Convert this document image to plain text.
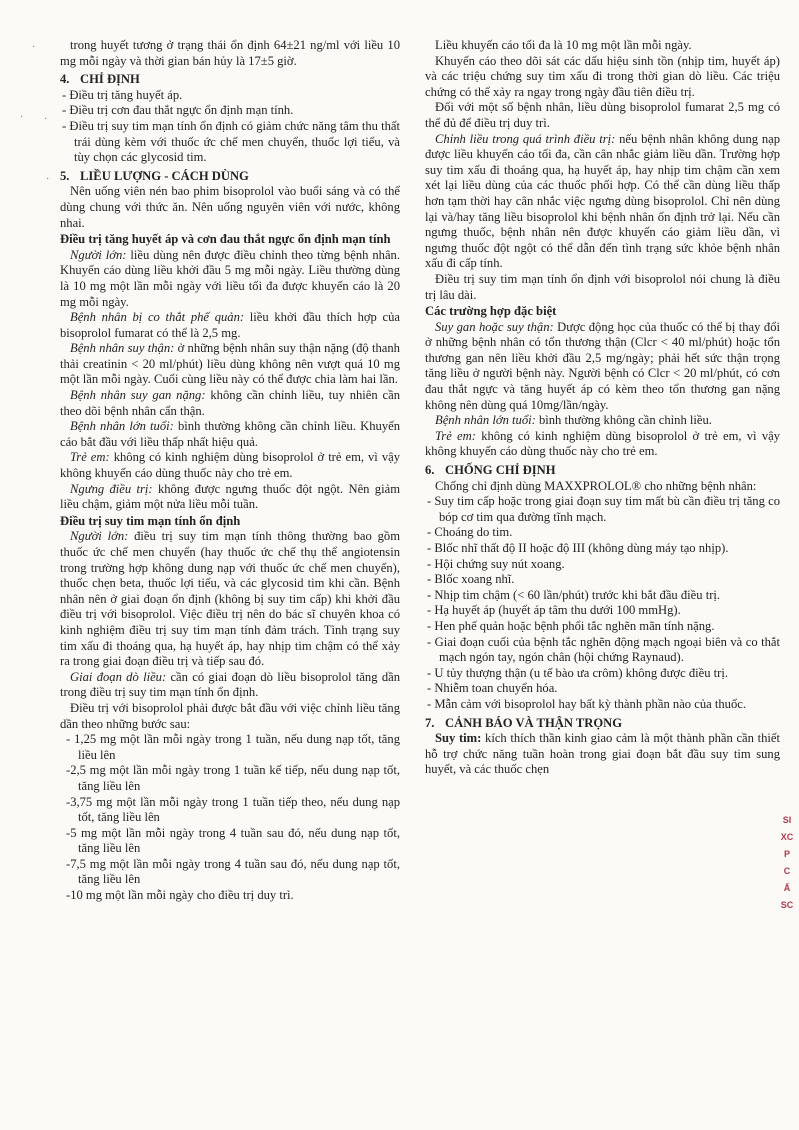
trong huyết tương ở trạng thái ổn định 64±21 ng/ml với liều 10 mg mỗi ngày và thời gian bán hủy là 17±5 giờ.

4. CHỈ ĐỊNH

- Điều trị tăng huyết áp.

- Điều trị cơn đau thắt ngực ổn định mạn tính.

- Điều trị suy tim mạn tính ổn định có giảm chức năng tâm thu thất trái dùng kèm với thuốc ức chế men chuyển, thuốc lợi tiểu, và tùy chọn các glycosid tim.

5. LIỀU LƯỢNG - CÁCH DÙNG

Nên uống viên nén bao phim bisoprolol vào buổi sáng và có thể dùng chung với thức ăn. Nên uống nguyên viên với nước, không nhai.

Điều trị tăng huyết áp và cơn đau thắt ngực ổn định mạn tính

Người lớn: liều dùng nên được điều chỉnh theo từng bệnh nhân. Khuyến cáo dùng liều khởi đầu 5 mg mỗi ngày. Liều thường dùng là 10 mg một lần mỗi ngày với liều tối đa được khuyến cáo là 20 mg mỗi ngày.

Bệnh nhân bị co thắt phế quản: liều khởi đầu thích hợp của bisoprolol fumarat có thể là 2,5 mg.

Bệnh nhân suy thận: ở những bệnh nhân suy thận nặng (độ thanh thải creatinin < 20 ml/phút) liều dùng không nên vượt quá 10 mg một lần mỗi ngày. Cuối cùng liều này có thể được chia làm hai lần.

Bệnh nhân suy gan nặng: không cần chỉnh liều, tuy nhiên cần theo dõi bệnh nhân cẩn thận.

Bệnh nhân lớn tuổi: bình thường không cần chỉnh liều. Khuyến cáo bắt đầu với liều thấp nhất hiệu quả.

Trẻ em: không có kinh nghiệm dùng bisoprolol ở trẻ em, vì vậy không khuyến cáo dùng thuốc này cho trẻ em.

Ngưng điều trị: không được ngưng thuốc đột ngột. Nên giảm liều chậm, giảm một nửa liều mỗi tuần.

Điều trị suy tim mạn tính ổn định

Người lớn: điều trị suy tim mạn tính thông thường bao gồm thuốc ức chế men chuyển (hay thuốc ức chế thụ thể angiotensin trong trường hợp không dung nạp với thuốc ức chế men chuyển), thuốc chẹn beta, thuốc lợi tiểu, và các glycosid tim khi cần. Bệnh nhân nên ở giai đoạn ổn định (không bị suy tim cấp) khi khởi đầu điều trị với bisoprolol. Việc điều trị nên do bác sĩ chuyên khoa có kinh nghiệm điều trị suy tim mạn tính đảm trách. Tình trạng suy tim xấu đi thoáng qua, hạ huyết áp, hay nhịp tim chậm có thể xảy ra trong giai đoạn điều trị và tiếp sau đó.

Giai đoạn dò liều: cần có giai đoạn dò liều bisoprolol tăng dần trong điều trị suy tim mạn tính ổn định.

Điều trị với bisoprolol phải được bắt đầu với việc chỉnh liều tăng dần theo những bước sau:

- 1,25 mg một lần mỗi ngày trong 1 tuần, nếu dung nạp tốt, tăng liều lên

-2,5 mg một lần mỗi ngày trong 1 tuần kế tiếp, nếu dung nạp tốt, tăng liều lên

-3,75 mg một lần mỗi ngày trong 1 tuần tiếp theo, nếu dung nạp tốt, tăng liều lên

-5 mg một lần mỗi ngày trong 4 tuần sau đó, nếu dung nạp tốt, tăng liều lên

-7,5 mg một lần mỗi ngày trong 4 tuần sau đó, nếu dung nạp tốt, tăng liều lên

-10 mg một lần mỗi ngày cho điều trị duy trì.

Liều khuyến cáo tối đa là 10 mg một lần mỗi ngày.

Khuyến cáo theo dõi sát các dấu hiệu sinh tồn (nhịp tim, huyết áp) và các triệu chứng suy tim xấu đi trong thời gian dò liều. Các triệu chứng có thể xảy ra ngay trong ngày đầu tiên điều trị.

Đối với một số bệnh nhân, liều dùng bisoprolol fumarat 2,5 mg có thể đủ để điều trị duy trì.

Chỉnh liều trong quá trình điều trị: nếu bệnh nhân không dung nạp được liều khuyến cáo tối đa, cần cân nhắc giảm liều dần. Trường hợp suy tim xấu đi thoáng qua, hạ huyết áp, hay nhịp tim chậm cần xem xét lại liều dùng của các thuốc phối hợp. Có thể cần dùng liều thấp hơn tạm thời hay cân nhắc việc ngưng dùng bisoprolol. Chỉ nên dùng lại và/hay tăng liều bisoprolol khi bệnh nhân ổn định trở lại. Nếu cần ngưng thuốc, bệnh nhân nên được khuyến cáo giảm liều dần, vì ngưng thuốc đột ngột có thể dẫn đến tình trạng sức khỏe bệnh nhân xấu đi cấp tính.

Điều trị suy tim mạn tính ổn định với bisoprolol nói chung là điều trị lâu dài.

Các trường hợp đặc biệt

Suy gan hoặc suy thận: Dược động học của thuốc có thể bị thay đổi ở những bệnh nhân có tổn thương thận (Clcr < 40 ml/phút) hoặc tổn thương gan nên liều khởi đầu 2,5 mg/ngày; phải hết sức thận trọng tăng liều ở người bệnh này. Người bệnh có Clcr < 20 ml/phút, có cơn đau thắt ngực và tăng huyết áp có kèm theo tổn thương gan nặng không nên dùng quá 10mg/lần/ngày.

Bệnh nhân lớn tuổi: bình thường không cần chỉnh liều.

Trẻ em: không có kinh nghiệm dùng bisoprolol ở trẻ em, vì vậy không khuyến cáo dùng thuốc này cho trẻ em.

6. CHỐNG CHỈ ĐỊNH

Chống chỉ định dùng MAXXPROLOL® cho những bệnh nhân:

- Suy tim cấp hoặc trong giai đoạn suy tim mất bù cần điều trị tăng co bóp cơ tim qua đường tĩnh mạch.

- Choáng do tim.

- Blốc nhĩ thất độ II hoặc độ III (không dùng máy tạo nhịp).

- Hội chứng suy nút xoang.

- Blốc xoang nhĩ.

- Nhịp tim chậm (< 60 lần/phút) trước khi bắt đầu điều trị.

- Hạ huyết áp (huyết áp tâm thu dưới 100 mmHg).

- Hen phế quản hoặc bệnh phổi tắc nghẽn mãn tính nặng.

- Giai đoạn cuối của bệnh tắc nghẽn động mạch ngoại biên và co thắt mạch ngón tay, ngón chân (hội chứng Raynaud).

- U tủy thượng thận (u tế bào ưa crôm) không được điều trị.

- Nhiễm toan chuyển hóa.

- Mẫn cảm với bisoprolol hay bất kỳ thành phần nào của thuốc.

7. CẢNH BÁO VÀ THẬN TRỌNG

Suy tim: kích thích thần kinh giao cảm là một thành phần cần thiết hỗ trợ chức năng tuần hoàn trong giai đoạn bắt đầu suy tim sung huyết, và các thuốc chẹn

SI
XC
P
C
Ấ
SC
·
· ·
·
